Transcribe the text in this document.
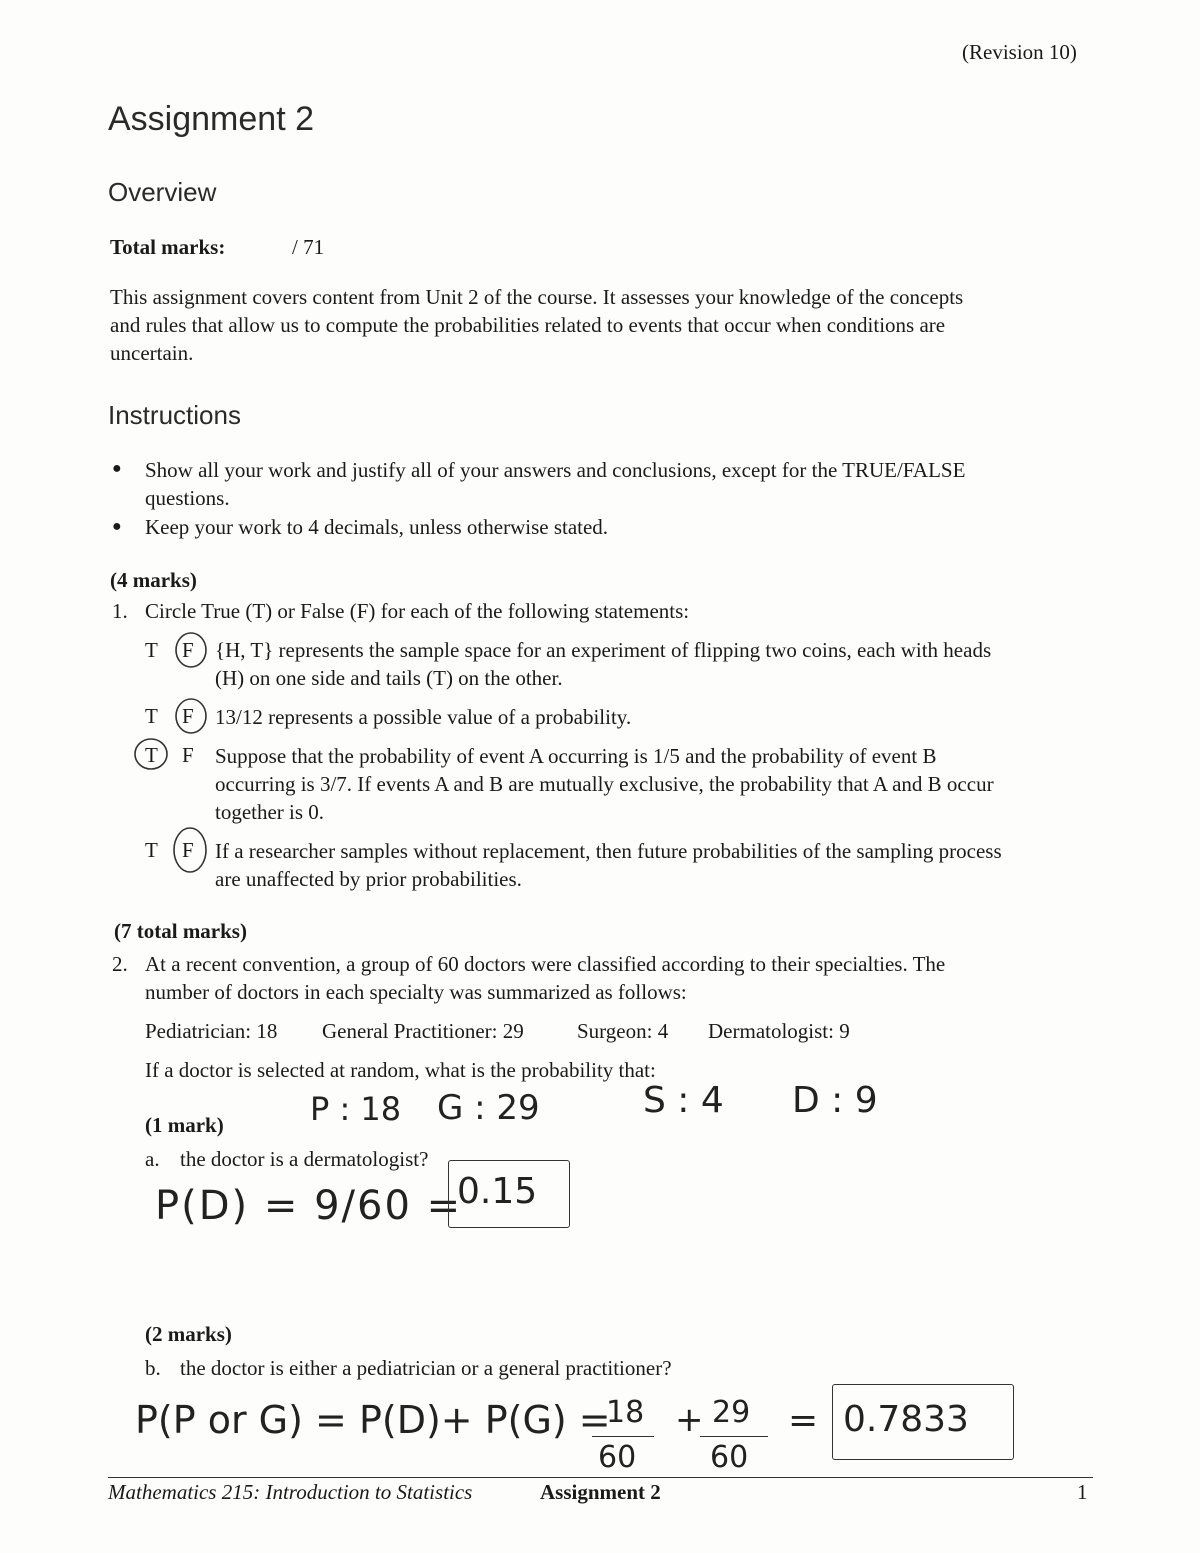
(Revision 10)
Assignment 2
Overview
Total marks:	/ 71
This assignment covers content from Unit 2 of the course. It assesses your knowledge of the concepts
and rules that allow us to compute the probabilities related to events that occur when conditions are
uncertain.
Instructions
● Show all your work and justify all of your answers and conclusions, except for the TRUE/FALSE
questions.
● Keep your work to 4 decimals, unless otherwise stated.
(4 marks)
1. Circle True (T) or False (F) for each of the following statements:
T F {H, T} represents the sample space for an experiment of flipping two coins, each with heads
(H) on one side and tails (T) on the other.
T F 13/12 represents a possible value of a probability.
T F Suppose that the probability of event A occurring is 1/5 and the probability of event B
occurring is 3/7. If events A and B are mutually exclusive, the probability that A and B occur
together is 0.
T F If a researcher samples without replacement, then future probabilities of the sampling process
are unaffected by prior probabilities.
(7 total marks)
2. At a recent convention, a group of 60 doctors were classified according to their specialties. The
number of doctors in each specialty was summarized as follows:
Pediatrician: 18 General Practitioner: 29	Surgeon: 4 Dermatologist: 9
If a doctor is selected at random, what is the probability that:
P : 18 G : 29	S : 4 D : 9
(1 mark)
a. the doctor is a dermatologist?
P(D) = 9/60 =
0.15
(2 marks)
b. the doctor is either a pediatrician or a general practitioner?
P(P or G) = P(D)+ P(G) =
18
60
+ 29
60
= 0.7833
Mathematics 215: Introduction to Statistics	Assignment 2	1
